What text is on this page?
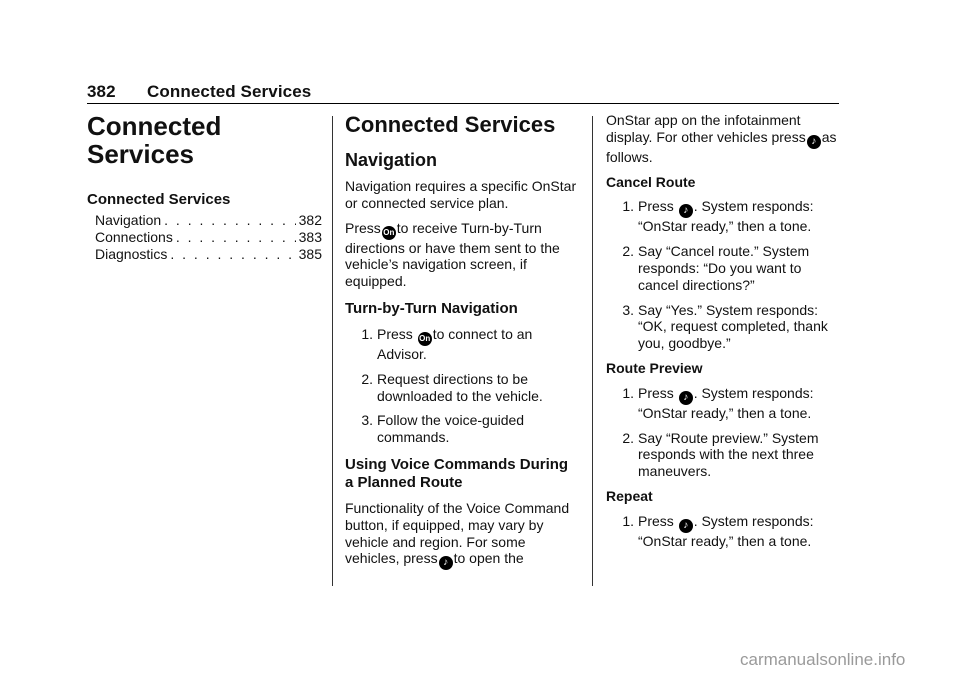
382 Connected Services
Connected
Services
Connected Services
Navigation . . .	382
Connections . . .	383
Diagnostics . . .	385
Connected Services
Navigation

Navigation requires a specific OnStar or connected service plan.

Press On to receive Turn-by-Turn directions or have them sent to the vehicle’s navigation screen, if equipped.

Turn-by-Turn Navigation
1. Press On to connect to an Advisor.
2. Request directions to be downloaded to the vehicle.
3. Follow the voice-guided commands.
Using Voice Commands During a Planned Route

Functionality of the Voice Command button, if equipped, may vary by vehicle and region. For some vehicles, press ♪ to open the

OnStar app on the infotainment display. For other vehicles press ♪ as follows.

Cancel Route
1. Press ♪ . System responds: “OnStar ready,” then a tone.
2. Say “Cancel route.” System responds: “Do you want to cancel directions?”
3. Say “Yes.” System responds: “OK, request completed, thank you, goodbye.”
Route Preview
1. Press ♪ . System responds: “OnStar ready,” then a tone.
2. Say “Route preview.” System responds with the next three maneuvers.
Repeat
1. Press ♪ . System responds: “OnStar ready,” then a tone.
carmanualsonline.info
